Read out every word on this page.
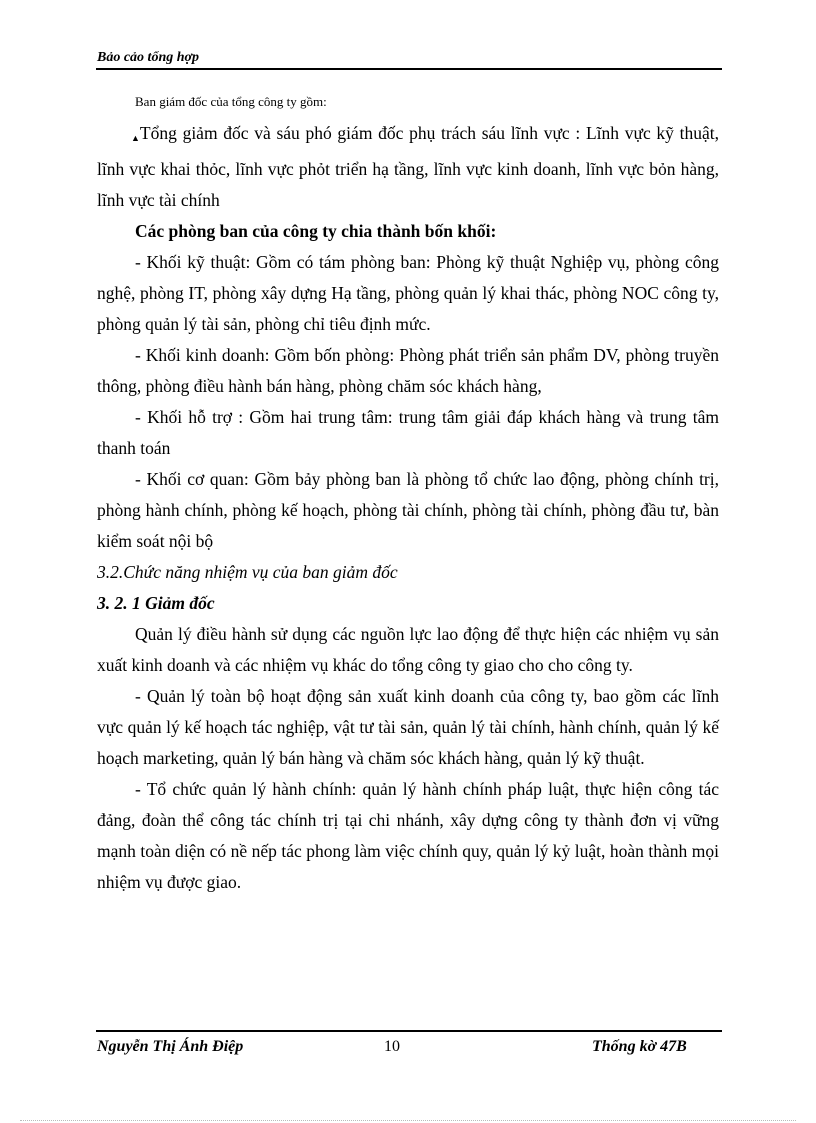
Bảo cảo tổng hợp

Ban giám đốc của tổng công ty gồm:

▲Tổng giảm đốc và sáu phó giám đốc phụ trách sáu lĩnh vực : Lĩnh vực kỹ thuật, lĩnh vực khai thỏc, lĩnh vực phỏt triển hạ tầng, lĩnh vực kinh doanh, lĩnh vực bỏn hàng, lĩnh vực tài chính

Các phòng ban của công ty chia thành bốn khối:

- Khối kỹ thuật: Gồm có tám phòng ban: Phòng kỹ thuật Nghiệp vụ, phòng công nghệ, phòng IT, phòng xây dựng Hạ tầng, phòng quản lý khai thác, phòng NOC công ty, phòng quản lý tài sản, phòng chỉ tiêu định mức.

- Khối kinh doanh: Gồm bốn phòng: Phòng phát triển sản phẩm DV, phòng truyền thông, phòng điều hành bán hàng, phòng chăm sóc khách hàng,

- Khối hỗ trợ : Gồm hai trung tâm: trung tâm giải đáp khách hàng và trung tâm thanh toán

- Khối cơ quan: Gồm bảy phòng ban là phòng tổ chức lao động, phòng chính trị, phòng hành chính, phòng kế hoạch, phòng tài chính, phòng tài chính, phòng đầu tư, bàn kiểm soát nội bộ

3.2.Chức năng nhiệm vụ của ban giảm đốc

3. 2. 1 Giảm đốc

Quản lý điều hành sử dụng các nguồn lực lao động để thực hiện các nhiệm vụ sản xuất kinh doanh và các nhiệm vụ khác do tổng công ty giao cho cho công ty.

- Quản lý toàn bộ hoạt động sản xuất kinh doanh của công ty, bao gồm các lĩnh vực quản lý kế hoạch tác nghiệp, vật tư tài sản, quản lý tài chính, hành chính, quản lý kế hoạch marketing, quản lý bán hàng và chăm sóc khách hàng, quản lý kỹ thuật.

- Tổ chức quản lý hành chính: quản lý hành chính pháp luật, thực hiện công tác đảng, đoàn thể công tác chính trị tại chi nhánh, xây dựng công ty thành đơn vị vững mạnh toàn diện có nề nếp tác phong làm việc chính quy, quản lý kỷ luật, hoàn thành mọi nhiệm vụ được giao.

Nguyễn Thị Ánh Điệp	10	Thống kờ 47B
